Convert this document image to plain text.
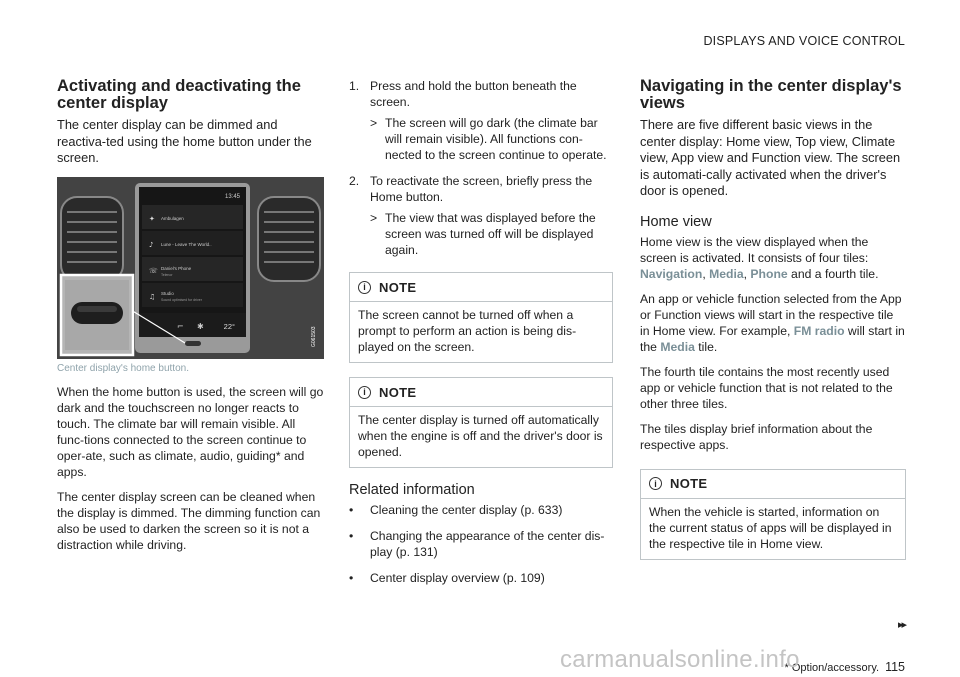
DISPLAYS AND VOICE CONTROL
Activating and deactivating the center display

The center display can be dimmed and reactiva-ted using the home button under the screen.

13:45
Ambulagen
✦
Lune - Leave The World..
♪
Daniel's Phone
Telenor
☏
Studio
Sound optimised for driver
♫
⌐ ✱	22°	G061503
Center display's home button.

When the home button is used, the screen will go dark and the touchscreen no longer reacts to touch. The climate bar will remain visible. All func-tions connected to the screen continue to oper-ate, such as climate, audio, guiding* and apps.

The center display screen can be cleaned when the display is dimmed. The dimming function can also be used to darken the screen so it is not a distraction while driving.

1. Press and hold the button beneath the screen.
> The screen will go dark (the climate bar will remain visible). All functions con-nected to the screen continue to operate.
2. To reactivate the screen, briefly press the Home button.
> The view that was displayed before the screen was turned off will be displayed again.
i	NOTE
The screen cannot be turned off when a prompt to perform an action is being dis-played on the screen.
i	NOTE
The center display is turned off automatically when the engine is off and the driver's door is opened.
Related information
• Cleaning the center display (p. 633)
• Changing the appearance of the center dis-play (p. 131)
• Center display overview (p. 109)
Navigating in the center display's views

There are five different basic views in the center display: Home view, Top view, Climate view, App view and Function view. The screen is automati-cally activated when the driver's door is opened.

Home view

Home view is the view displayed when the screen is activated. It consists of four tiles: Navigation, Media, Phone and a fourth tile.

An app or vehicle function selected from the App or Function views will start in the respective tile in Home view. For example, FM radio will start in the Media tile.

The fourth tile contains the most recently used app or vehicle function that is not related to the other three tiles.

The tiles display brief information about the respective apps.

i	NOTE
When the vehicle is started, information on the current status of apps will be displayed in the respective tile in Home view.
▸▸
* Option/accessory. 115
carmanualsonline.info
